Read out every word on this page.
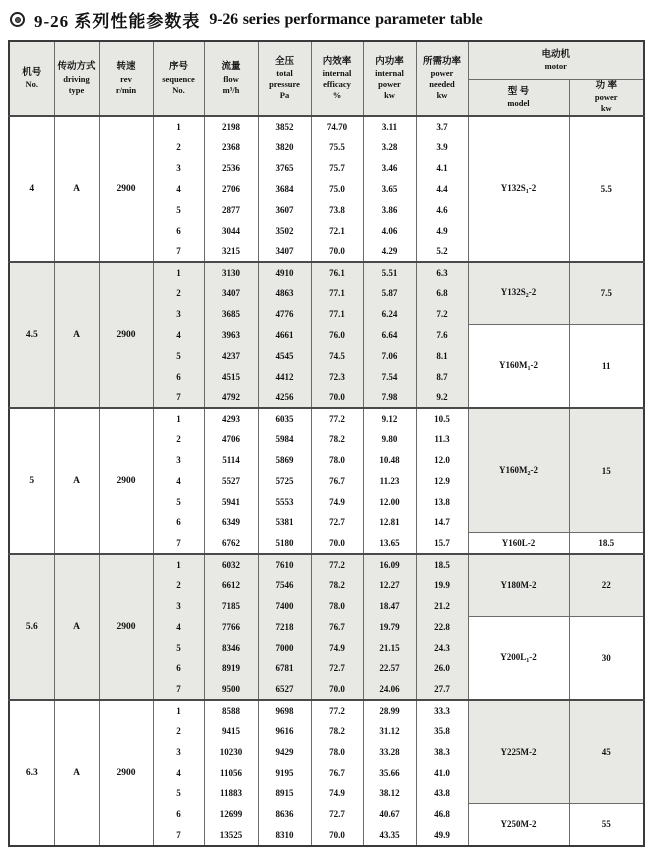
9-26 系列性能参数表 9-26 series performance parameter table
机号
No.

传动方式
driving
type

转速
rev
r/min

序号
sequence
No.

流量
flow
m³/h

全压
total
pressure
Pa

内效率
internal
efficacy
%

内功率
internal
power
kw

所需功率
power
needed
kw

电动机
motor

型 号
model

功 率
power
kw

4	A	2900	1	2198	3852	74.70	3.11	3.7	$Y132S_1-2$	5.5
			2	2368	3820	75.5	3.28	3.9		
			3	2536	3765	75.7	3.46	4.1		
			4	2706	3684	75.0	3.65	4.4		
			5	2877	3607	73.8	3.86	4.6		
			6	3044	3502	72.1	4.06	4.9		
			7	3215	3407	70.0	4.29	5.2		
4.5	A	2900	1	3130	4910	76.1	5.51	6.3	$Y132S_2-2$	7.5
			2	3407	4863	77.1	5.87	6.8		
			3	3685	4776	77.1	6.24	7.2		
			4	3963	4661	76.0	6.64	7.6	$Y160M_1-2$	11
			5	4237	4545	74.5	7.06	8.1		
			6	4515	4412	72.3	7.54	8.7		
			7	4792	4256	70.0	7.98	9.2		
5	A	2900	1	4293	6035	77.2	9.12	10.5	$Y160M_2-2$	15
			2	4706	5984	78.2	9.80	11.3		
			3	5114	5869	78.0	10.48	12.0		
			4	5527	5725	76.7	11.23	12.9		
			5	5941	5553	74.9	12.00	13.8		
			6	6349	5381	72.7	12.81	14.7		
			7	6762	5180	70.0	13.65	15.7	Y160L-2	18.5
5.6	A	2900	1	6032	7610	77.2	16.09	18.5	Y180M-2	22
			2	6612	7546	78.2	12.27	19.9		
			3	7185	7400	78.0	18.47	21.2		
			4	7766	7218	76.7	19.79	22.8	$Y200L_1-2$	30
			5	8346	7000	74.9	21.15	24.3		
			6	8919	6781	72.7	22.57	26.0		
			7	9500	6527	70.0	24.06	27.7		
6.3	A	2900	1	8588	9698	77.2	28.99	33.3	Y225M-2	45
			2	9415	9616	78.2	31.12	35.8		
			3	10230	9429	78.0	33.28	38.3		
			4	11056	9195	76.7	35.66	41.0		
			5	11883	8915	74.9	38.12	43.8		
			6	12699	8636	72.7	40.67	46.8	Y250M-2	55
			7	13525	8310	70.0	43.35	49.9		
